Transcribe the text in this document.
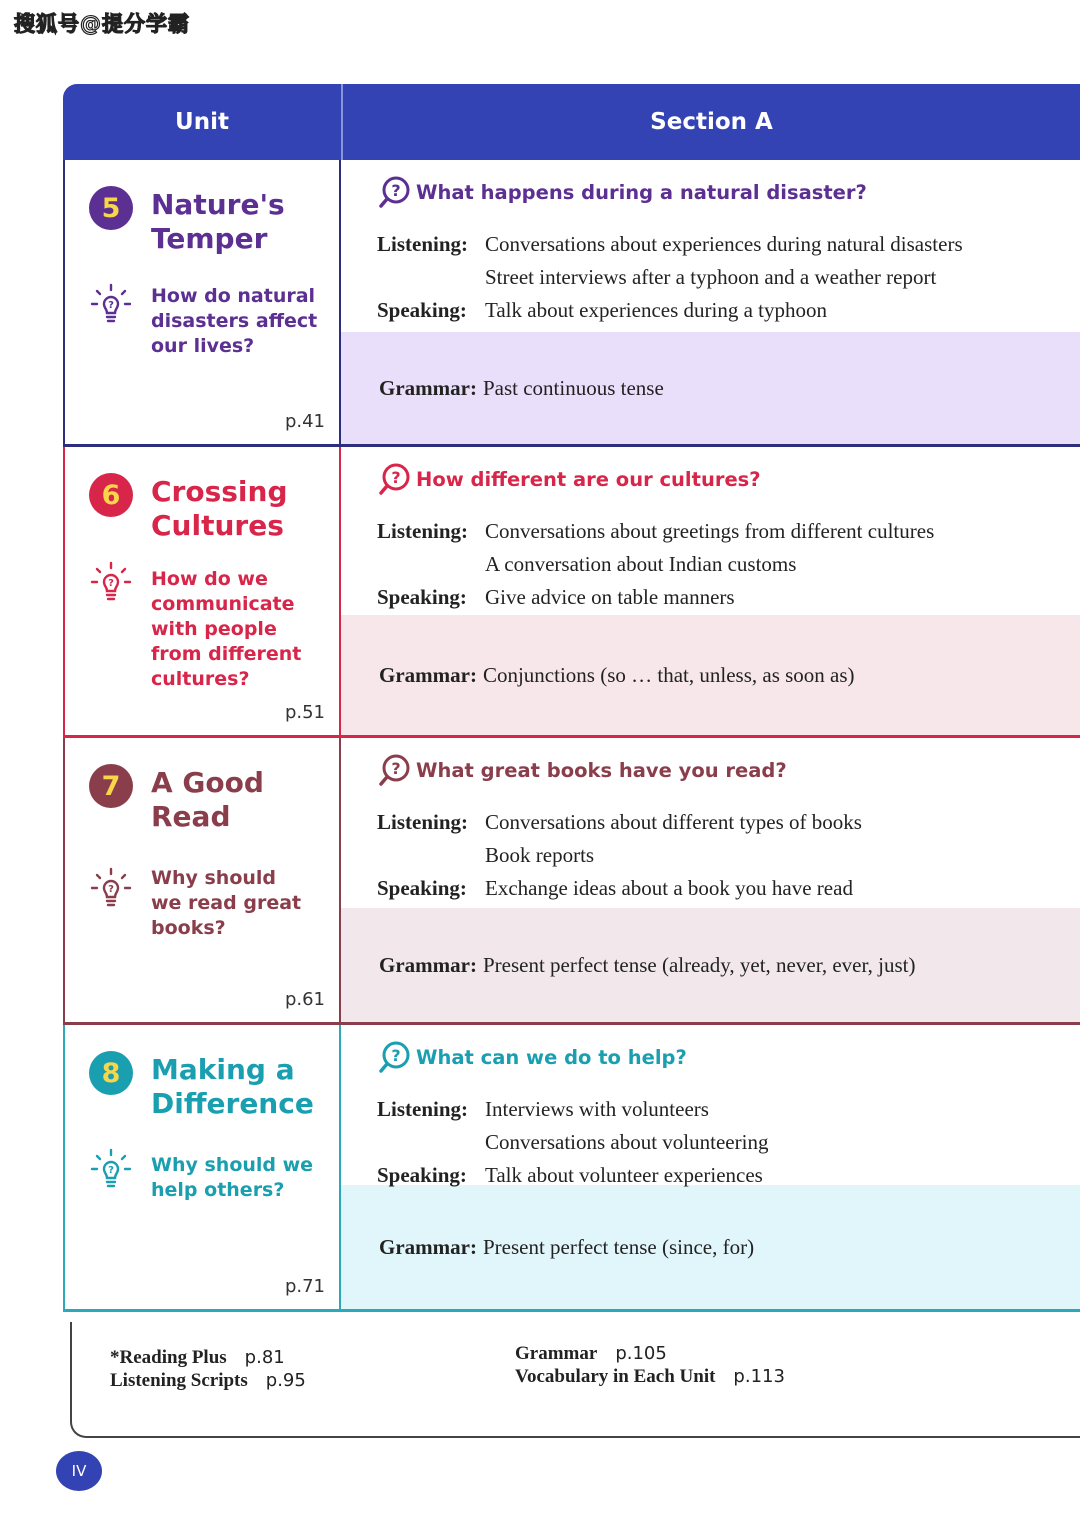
搜狐号@提分学霸
Unit	Section A
5	Nature's
Temper
? How do natural
disasters affect
our lives?
p.41
? What happens during a natural disaster?
Listening: Conversations about experiences during natural disasters
Street interviews after a typhoon and a weather report
Speaking: Talk about experiences during a typhoon
Grammar: Past continuous tense
6	Crossing
Cultures
? How do we
communicate
with people
from different
cultures?
p.51
? How different are our cultures?
Listening: Conversations about greetings from different cultures
A conversation about Indian customs
Speaking: Give advice on table manners
Grammar: Conjunctions (so … that, unless, as soon as)
7	A Good
Read
?
Why should
we read great
books?
p.61
? What great books have you read?
Listening: Conversations about different types of books
Book reports
Speaking: Exchange ideas about a book you have read
Grammar: Present perfect tense (already, yet, never, ever, just)
8	Making a
Difference
? Why should we
help others?
p.71
? What can we do to help?
Listening: Interviews with volunteers
Conversations about volunteering
Speaking: Talk about volunteer experiences
Grammar: Present perfect tense (since, for)
*Reading Plus p.81
Listening Scripts p.95
Grammar p.105
Vocabulary in Each Unit p.113
IV
